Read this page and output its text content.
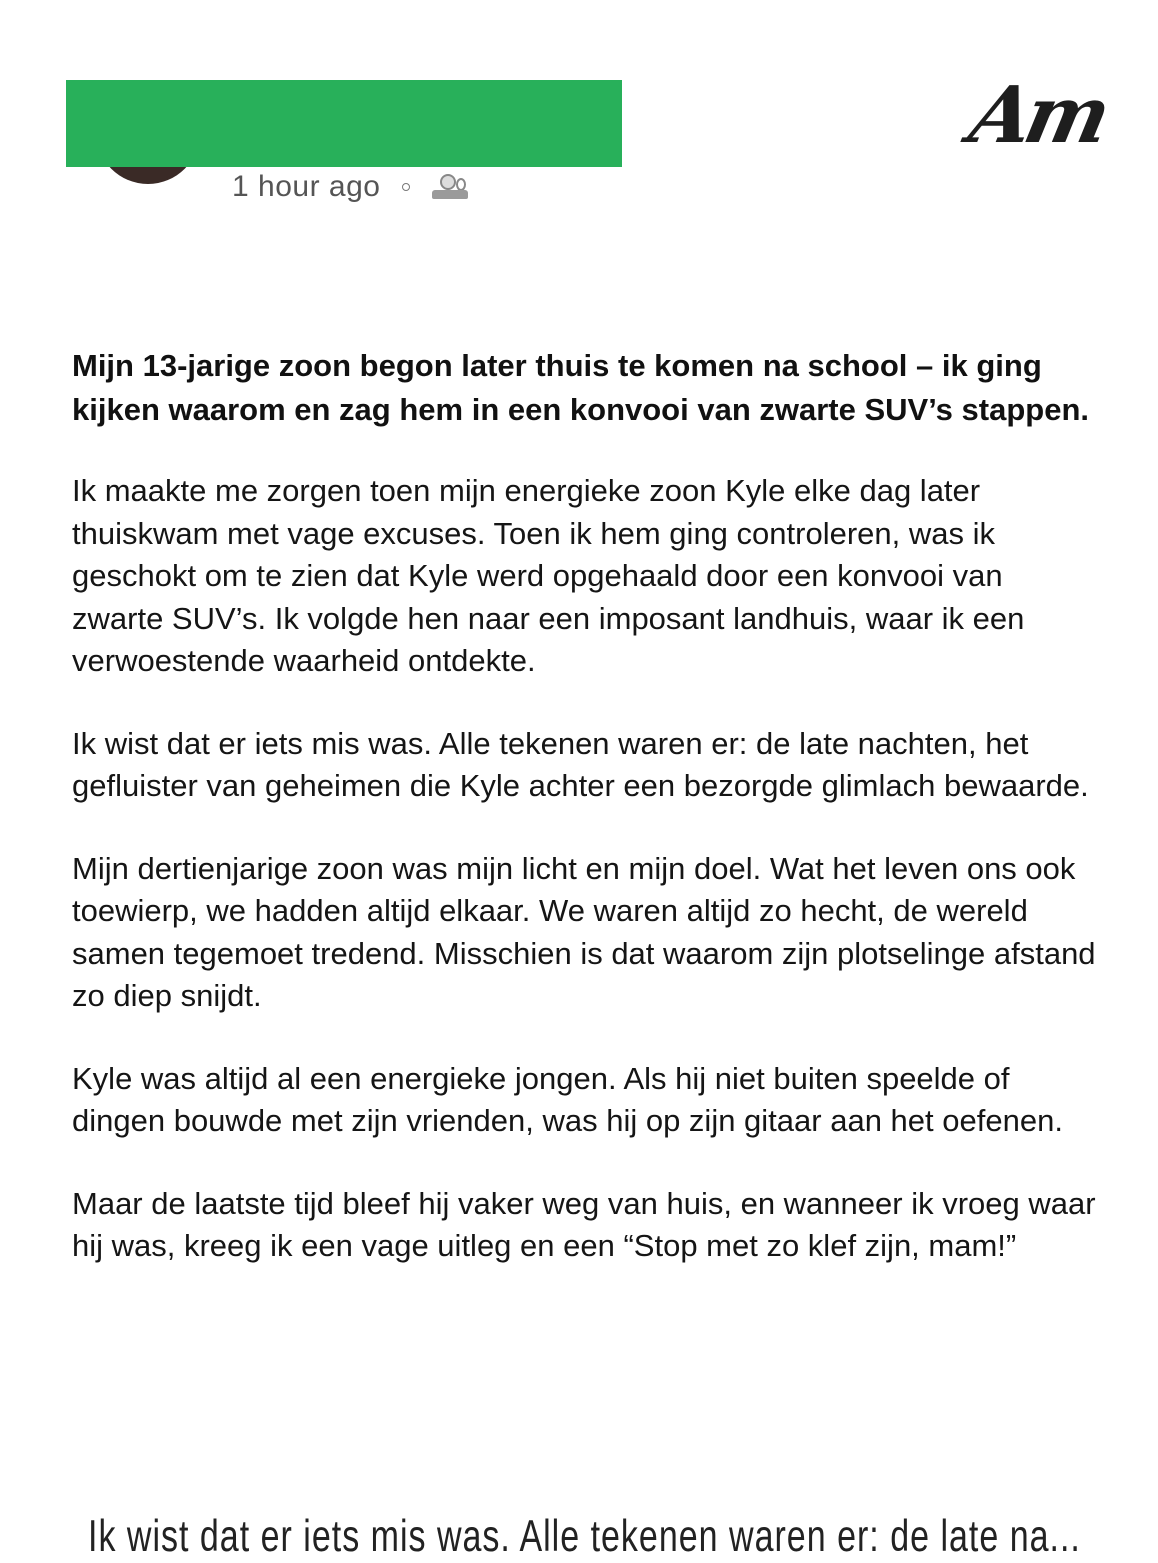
1 hour ago
Am

Mijn 13-jarige zoon begon later thuis te komen na school – ik ging kijken waarom en zag hem in een konvooi van zwarte SUV’s stappen.

Ik maakte me zorgen toen mijn energieke zoon Kyle elke dag later thuiskwam met vage excuses. Toen ik hem ging controleren, was ik geschokt om te zien dat Kyle werd opgehaald door een konvooi van zwarte SUV’s. Ik volgde hen naar een imposant landhuis, waar ik een verwoestende waarheid ontdekte.

Ik wist dat er iets mis was. Alle tekenen waren er: de late nachten, het gefluister van geheimen die Kyle achter een bezorgde glimlach bewaarde.

Mijn dertienjarige zoon was mijn licht en mijn doel. Wat het leven ons ook toewierp, we hadden altijd elkaar. We waren altijd zo hecht, de wereld samen tegemoet tredend. Misschien is dat waarom zijn plotselinge afstand zo diep snijdt.

Kyle was altijd al een energieke jongen. Als hij niet buiten speelde of dingen bouwde met zijn vrienden, was hij op zijn gitaar aan het oefenen.

Maar de laatste tijd bleef hij vaker weg van huis, en wanneer ik vroeg waar hij was, kreeg ik een vage uitleg en een “Stop met zo klef zijn, mam!”

Ik wist dat er iets mis was. Alle tekenen waren er: de late na...
